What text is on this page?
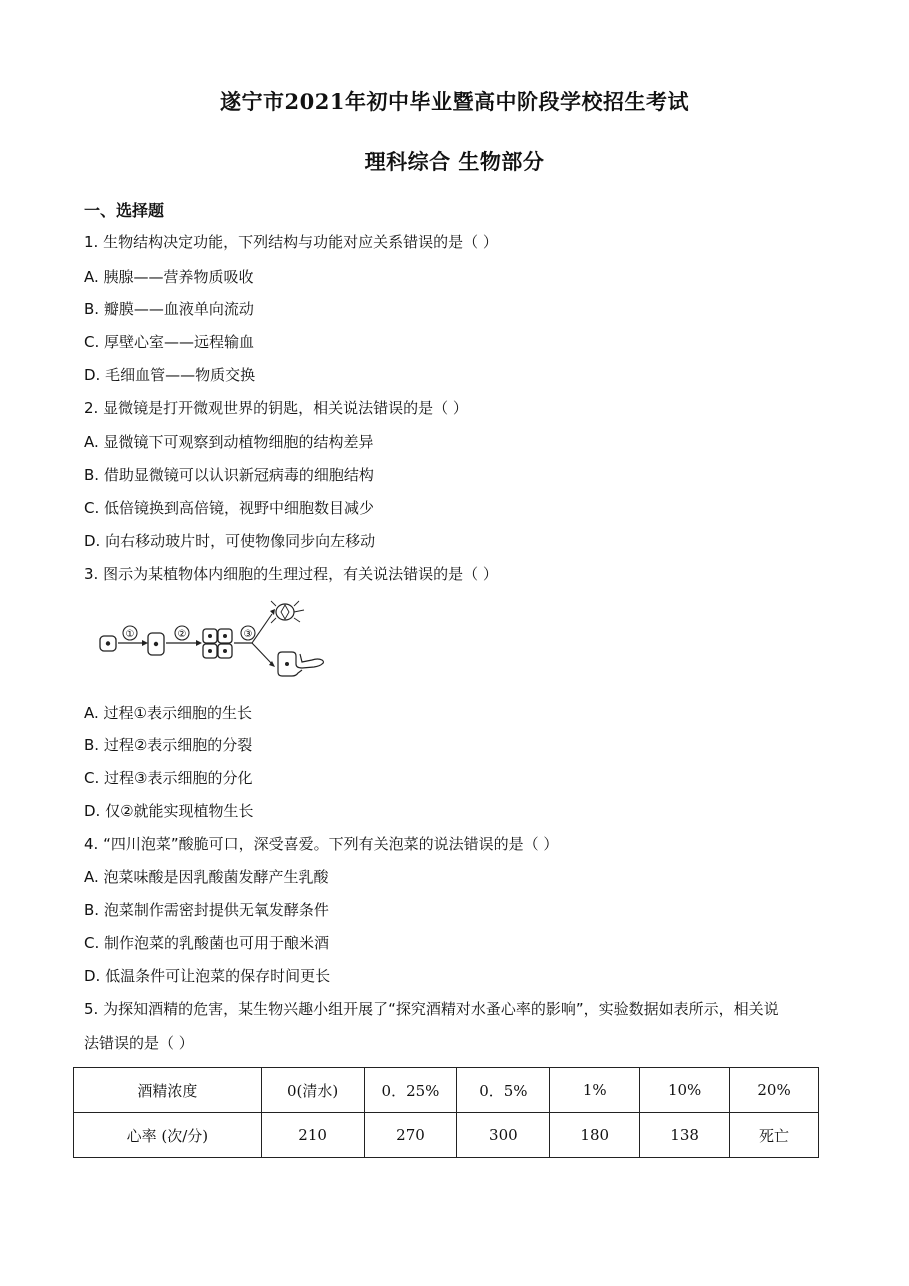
遂宁市2021年初中毕业暨高中阶段学校招生考试
理科综合 生物部分
一、选择题
1. 生物结构决定功能，下列结构与功能对应关系错误的是（ ）
A. 胰腺——营养物质吸收
B. 瓣膜——血液单向流动
C. 厚壁心室——远程输血
D. 毛细血管——物质交换
2. 显微镜是打开微观世界的钥匙，相关说法错误的是（ ）
A. 显微镜下可观察到动植物细胞的结构差异
B. 借助显微镜可以认识新冠病毒的细胞结构
C. 低倍镜换到高倍镜，视野中细胞数目减少
D. 向右移动玻片时，可使物像同步向左移动
3. 图示为某植物体内细胞的生理过程，有关说法错误的是（ ）
①	②	③
A. 过程①表示细胞的生长
B. 过程②表示细胞的分裂
C. 过程③表示细胞的分化
D. 仅②就能实现植物生长
4. “四川泡菜”酸脆可口，深受喜爱。下列有关泡菜的说法错误的是（ ）
A. 泡菜味酸是因乳酸菌发酵产生乳酸
B. 泡菜制作需密封提供无氧发酵条件
C. 制作泡菜的乳酸菌也可用于酿米酒
D. 低温条件可让泡菜的保存时间更长
5. 为探知酒精的危害，某生物兴趣小组开展了“探究酒精对水蚤心率的影响”，实验数据如表所示，相关说
法错误的是（ ）
酒精浓度	0(清水)	0．25%	0．5%	1%	10%	20%
心率 (次/分)	210	270	300	180	138	死亡
